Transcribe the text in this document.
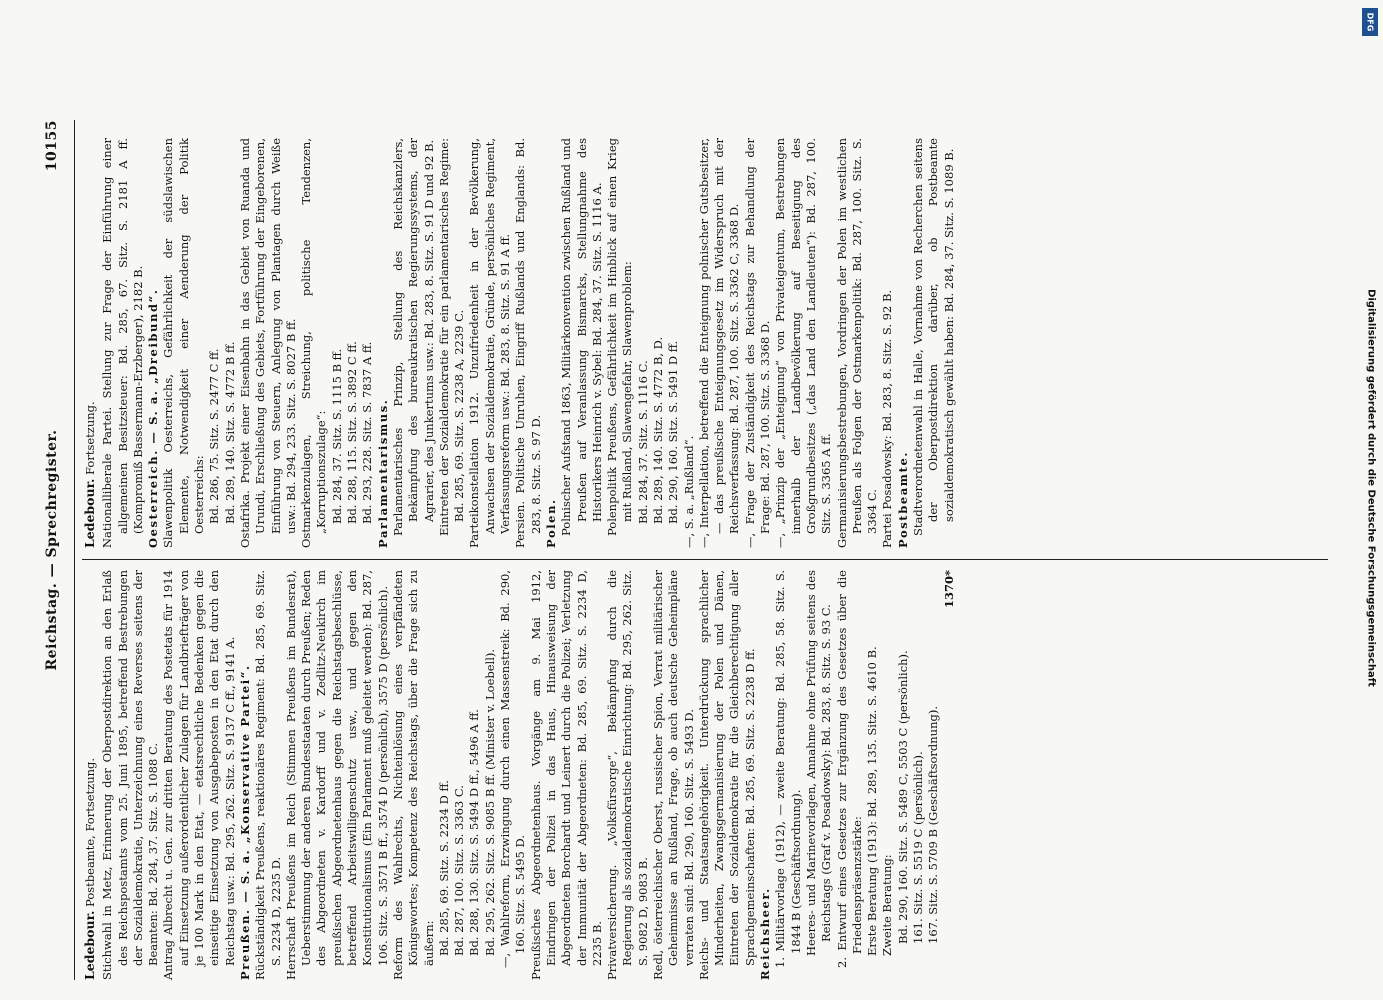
DFG
Digitalisierung gefördert durch die Deutsche Forschungsgemeinschaft
Reichstag. — Sprechregister.
10155

Ledebour. Postbeamte, Fortsetzung. Stichwahl in Metz, Erinnerung der Oberpostdirektion an den Erlaß des Reichspostamts vom 25. Juni 1895, betreffend Bestrebungen der Sozialdemokratie, Unterzeichnung eines Reverses seitens der Beamten: Bd. 284, 37. Sitz. S. 1088 C. Antrag Albrecht u. Gen. zur dritten Beratung des Postetats für 1914 auf Einsetzung außerordentlicher Zulagen für Landbriefträger von je 100 Mark in den Etat, — etatsrechtliche Bedenken gegen die einseitige Einsetzung von Ausgabeposten in den Etat durch den Reichstag usw.: Bd. 295, 262. Sitz. S. 9137 C ff., 9141 A. Preußen. — S. a. „Konservative Partei“. Rückständigkeit Preußens, reaktionäres Regiment: Bd. 285, 69. Sitz. S. 2234 D, 2235 D. Herrschaft Preußens im Reich (Stimmen Preußens im Bundesrat), Ueberstimmung der anderen Bundesstaaten durch Preußen; Reden des Abgeordneten v. Kardorff und v. Zedlitz-Neukirch im preußischen Abgeordnetenhaus gegen die Reichstagsbeschlüsse, betreffend Arbeitswilligenschutz usw., und gegen den Konstitutionalismus (Ein Parlament muß geleitet werden): Bd. 287, 106. Sitz. S. 3571 B ff., 3574 D (persönlich), 3575 D (persönlich). Reform des Wahlrechts, Nichteinlösung eines verpfändeten Königswortes; Kompetenz des Reichstags, über die Frage sich zu äußern: Bd. 285, 69. Sitz. S. 2234 D ff. Bd. 287, 100. Sitz. S. 3363 C. Bd. 288, 130. Sitz. S. 5494 D ff., 5496 A ff. Bd. 295, 262. Sitz. S. 9085 B ff. (Minister v. Loebell). —, Wahlreform, Erzwingung durch einen Massenstreik: Bd. 290, 160. Sitz. S. 5495 D. Preußisches Abgeordnetenhaus. Vorgänge am 9. Mai 1912, Eindringen der Polizei in das Haus, Hinausweisung der Abgeordneten Borchardt und Leinert durch die Polizei; Verletzung der Immunität der Abgeordneten: Bd. 285, 69. Sitz. S. 2234 D, 2235 B. Privatversicherung. „Volksfürsorge“, Bekämpfung durch die Regierung als sozialdemokratische Einrichtung: Bd. 295, 262. Sitz. S. 9082 D, 9083 B. Redl, österreichischer Oberst, russischer Spion, Verrat militärischer Geheimnisse an Rußland, Frage, ob auch deutsche Geheimpläne verraten sind: Bd. 290, 160. Sitz. S. 5493 D. Reichs- und Staatsangehörigkeit. Unterdrückung sprachlicher Minderheiten, Zwangsgermanisierung der Polen und Dänen, Eintreten der Sozialdemokratie für die Gleichberechtigung aller Sprachgemeinschaften: Bd. 285, 69. Sitz. S. 2238 D ff. Reichsheer. 1. Militärvorlage (1912), — zweite Beratung: Bd. 285, 58. Sitz. S. 1844 B (Geschäftsordnung). Heeres- und Marinevorlagen, Annahme ohne Prüfung seitens des Reichstags (Graf v. Posadowsky): Bd. 283, 8. Sitz. S. 93 C. 2. Entwurf eines Gesetzes zur Ergänzung des Gesetzes über die Friedenspräsenzstärke: Erste Beratung (1913): Bd. 289, 135. Sitz. S. 4610 B. Zweite Beratung: Bd. 290, 160. Sitz. S. 5489 C, 5503 C (persönlich). 161. Sitz. S. 5519 C (persönlich). 167. Sitz. S. 5709 B (Geschäftsordnung).

1370*

Ledebour. Fortsetzung. Nationalliberale Partei. Stellung zur Frage der Einführung einer allgemeinen Besitzsteuer: Bd. 285, 67. Sitz. S. 2181 A ff. (Kompromiß Bassermann-Erzberger), 2182 B. Oesterreich. — S. a. „Dreibund“. Slawenpolitik Oesterreichs, Gefährlichkeit der südslawischen Elemente, Notwendigkeit einer Aenderung der Politik Oesterreichs: Bd. 286, 75. Sitz. S. 2477 C ff. Bd. 289, 140. Sitz. S. 4772 B ff. Ostafrika. Projekt einer Eisenbahn in das Gebiet von Ruanda und Urundi, Erschließung des Gebiets, Fortführung der Eingeborenen, Einführung von Steuern, Anlegung von Plantagen durch Weiße usw.: Bd. 294, 233. Sitz. S. 8027 B ff. Ostmarkenzulagen, Streichung, politische Tendenzen, „Korruptionszulage“: Bd. 284, 37. Sitz. S. 1115 B ff. Bd. 288, 115. Sitz. S. 3892 C ff. Bd. 293, 228. Sitz. S. 7837 A ff. Parlamentarismus. Parlamentarisches Prinzip, Stellung des Reichskanzlers, Bekämpfung des bureaukratischen Regierungssystems, der Agrarier, des Junkertums usw.: Bd. 283, 8. Sitz. S. 91 D und 92 B. Eintreten der Sozialdemokratie für ein parlamentarisches Regime: Bd. 285, 69. Sitz. S. 2238 A, 2239 C. Parteikonstellation 1912. Unzufriedenheit in der Bevölkerung, Anwachsen der Sozialdemokratie, Gründe, persönliches Regiment, Verfassungsreform usw.: Bd. 283, 8. Sitz. S. 91 A ff. Persien. Politische Unruhen, Eingriff Rußlands und Englands: Bd. 283, 8. Sitz. S. 97 D. Polen. Polnischer Aufstand 1863, Militärkonvention zwischen Rußland und Preußen auf Veranlassung Bismarcks, Stellungnahme des Historikers Heinrich v. Sybel: Bd. 284, 37. Sitz. S. 1116 A. Polenpolitik Preußens, Gefährlichkeit im Hinblick auf einen Krieg mit Rußland, Slawengefahr, Slawenproblem: Bd. 284, 37. Sitz. S. 1116 C. Bd. 289, 140. Sitz. S. 4772 B, D. Bd. 290, 160. Sitz. S. 5491 D ff. —, S. a. „Rußland“. —, Interpellation, betreffend die Enteignung polnischer Gutsbesitzer, — das preußische Enteignungsgesetz im Widerspruch mit der Reichsverfassung: Bd. 287, 100. Sitz. S. 3362 C, 3368 D. —, Frage der Zuständigkeit des Reichstags zur Behandlung der Frage: Bd. 287, 100. Sitz. S. 3368 D. —, „Prinzip der „Enteignung“ von Privateigentum, Bestrebungen innerhalb der Landbevölkerung auf Beseitigung des Großgrundbesitzes („das Land den Landleuten“): Bd. 287, 100. Sitz. S. 3365 A ff. Germanisierungsbestrebungen, Vordringen der Polen im westlichen Preußen als Folgen der Ostmarkenpolitik: Bd. 287, 100. Sitz. S. 3364 C. Partei Posadowsky: Bd. 283, 8. Sitz. S. 92 B. Postbeamte. Stadtverordnetenwahl in Halle, Vornahme von Recherchen seitens der Oberpostdirektion darüber, ob Postbeamte sozialdemokratisch gewählt haben: Bd. 284, 37. Sitz. S. 1089 B.
